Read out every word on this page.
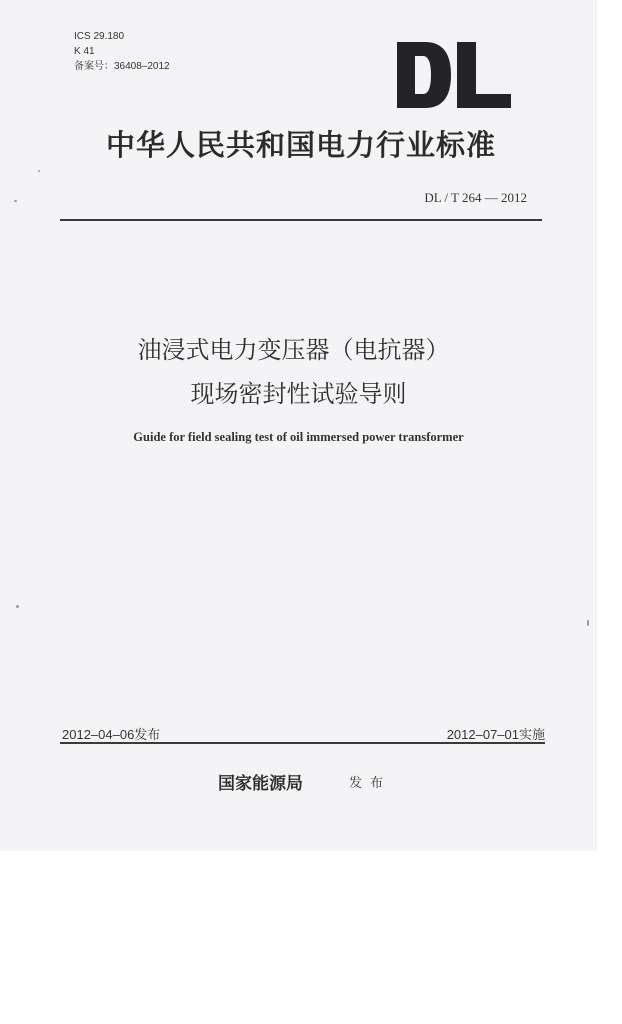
ICS 29.180
K 41
备案号：36408–2012
中华人民共和国电力行业标准
DL / T 264 — 2012
油浸式电力变压器（电抗器）
现场密封性试验导则
Guide for field sealing test of oil immersed power transformer
2012–04–06发布	2012–07–01实施
国家能源局	发布
